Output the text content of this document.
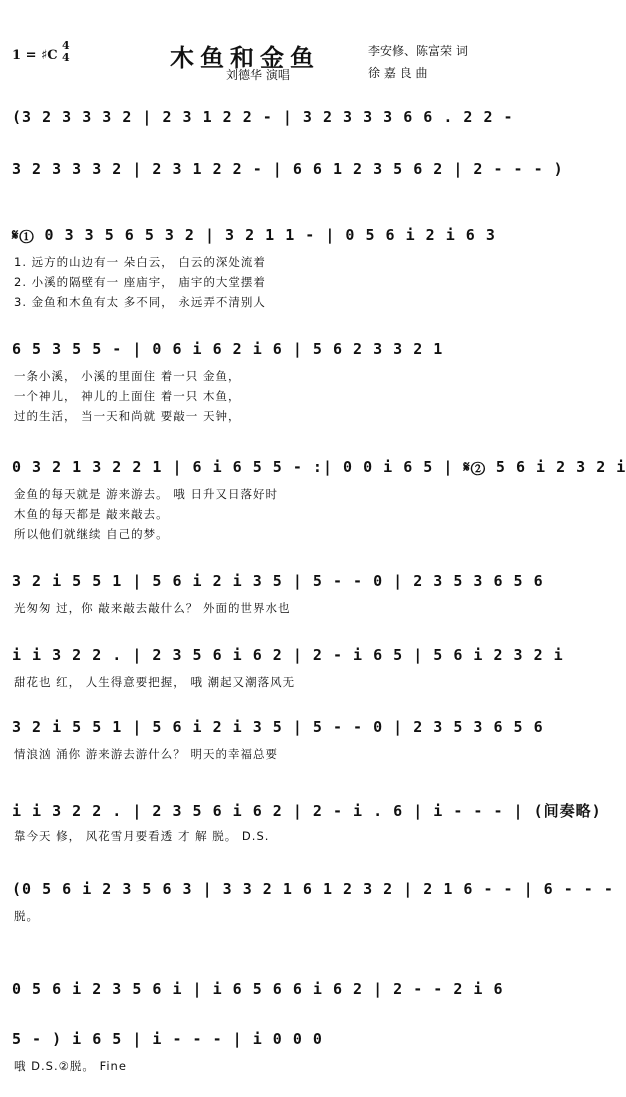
1 = ♯C
4
4	木鱼和金鱼	李安修、陈富荣 词
徐 嘉 良 曲
刘德华 演唱
(3 2 3 3 3 2 | 2 3 1 2 2 - | 3 2 3 3 3 6 6 . 2 2 -
3 2 3 3 3 2 | 2 3 1 2 2 - | 6 6 1 2 3 5 6 2 | 2 - - - )
𝄋① 0 3 3 5 6 5 3 2 | 3 2 1 1 - | 0 5 6 i 2 i 6 3
1. 远方的山边有一 朵白云， 白云的深处流着
2. 小溪的隔壁有一 座庙宇， 庙宇的大堂摆着
3. 金鱼和木鱼有太 多不同， 永远弄不清别人
6 5 3 5 5 - | 0 6 i 6 2 i 6 | 5 6 2 3 3 2 1
一条小溪， 小溪的里面住 着一只 金鱼，
一个神儿， 神儿的上面住 着一只 木鱼，
过的生活， 当一天和尚就 要敲一 天钟，
0 3 2 1 3 2 2 1 | 6 i 6 5 5 - :| 0 0 i 6 5 | 𝄋② 5 6 i 2 3 2 i
金鱼的每天就是 游来游去。 哦 日升又日落好时
木鱼的每天都是 敲来敲去。
所以他们就继续 自己的梦。
3 2 i 5 5 1 | 5 6 i 2 i 3 5 | 5 - - 0 | 2 3 5 3 6 5 6
光匆匆 过，你 敲来敲去敲什么？ 外面的世界水也
i i 3 2 2 . | 2 3 5 6 i 6 2 | 2 - i 6 5 | 5 6 i 2 3 2 i
甜花也 红， 人生得意要把握， 哦 潮起又潮落风无
3 2 i 5 5 1 | 5 6 i 2 i 3 5 | 5 - - 0 | 2 3 5 3 6 5 6
情浪汹 涌你 游来游去游什么？ 明天的幸福总要
i i 3 2 2 . | 2 3 5 6 i 6 2 | 2 - i . 6 | i - - - | (间奏略)
靠今天 修， 风花雪月要看透 才 解 脱。 D.S.
(0 5 6 i 2 3 5 6 3 | 3 3 2 1 6 1 2 3 2 | 2 1 6 - - | 6 - - -
脱。
0 5 6 i 2 3 5 6 i | i 6 5 6 6 i 6 2 | 2 - - 2 i 6
5 - ) i 6 5 | i - - - | i 0 0 0
哦 D.S.②脱。 Fine
